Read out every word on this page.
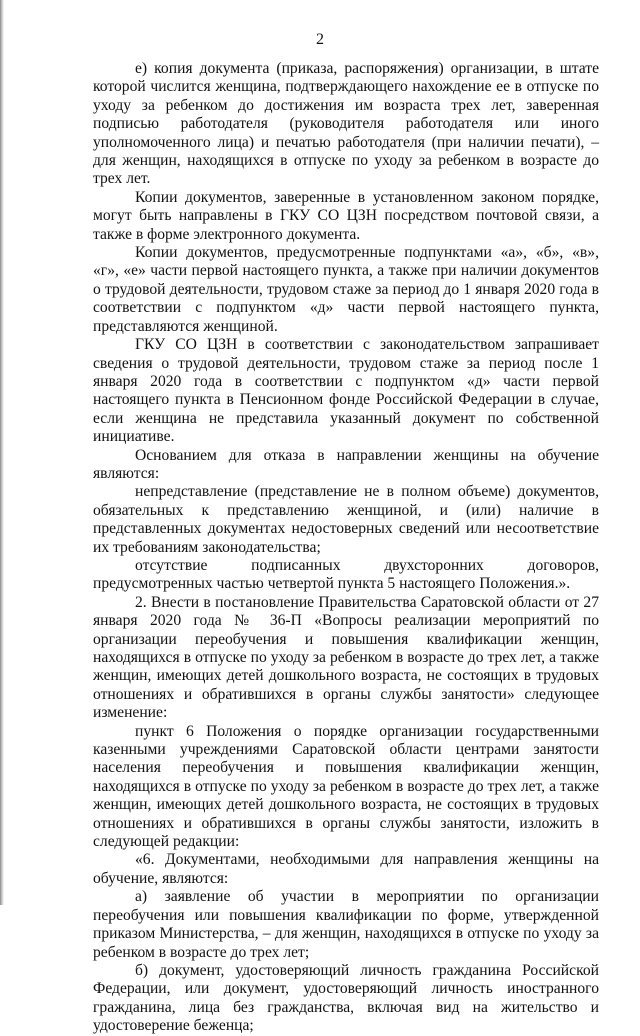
2

е) копия документа (приказа, распоряжения) организации, в штате которой числится женщина, подтверждающего нахождение ее в отпуске по уходу за ребенком до достижения им возраста трех лет, заверенная подписью работодателя (руководителя работодателя или иного уполномоченного лица) и печатью работодателя (при наличии печати), – для женщин, находящихся в отпуске по уходу за ребенком в возрасте до трех лет.

Копии документов, заверенные в установленном законом порядке, могут быть направлены в ГКУ СО ЦЗН посредством почтовой связи, а также в форме электронного документа.

Копии документов, предусмотренные подпунктами «а», «б», «в», «г», «е» части первой настоящего пункта, а также при наличии документов о трудовой деятельности, трудовом стаже за период до 1 января 2020 года в соответствии с подпунктом «д» части первой настоящего пункта, представляются женщиной.

ГКУ СО ЦЗН в соответствии с законодательством запрашивает сведения о трудовой деятельности, трудовом стаже за период после 1 января 2020 года в соответствии с подпунктом «д» части первой настоящего пункта в Пенсионном фонде Российской Федерации в случае, если женщина не представила указанный документ по собственной инициативе.

Основанием для отказа в направлении женщины на обучение являются:

непредставление (представление не в полном объеме) документов, обязательных к представлению женщиной, и (или) наличие в представленных документах недостоверных сведений или несоответствие их требованиям законодательства;

отсутствие подписанных двухсторонних договоров, предусмотренных частью четвертой пункта 5 настоящего Положения.».

2. Внести в постановление Правительства Саратовской области от 27 января 2020 года № 36-П «Вопросы реализации мероприятий по организации переобучения и повышения квалификации женщин, находящихся в отпуске по уходу за ребенком в возрасте до трех лет, а также женщин, имеющих детей дошкольного возраста, не состоящих в трудовых отношениях и обратившихся в органы службы занятости» следующее изменение:

пункт 6 Положения о порядке организации государственными казенными учреждениями Саратовской области центрами занятости населения переобучения и повышения квалификации женщин, находящихся в отпуске по уходу за ребенком в возрасте до трех лет, а также женщин, имеющих детей дошкольного возраста, не состоящих в трудовых отношениях и обратившихся в органы службы занятости, изложить в следующей редакции:

«6. Документами, необходимыми для направления женщины на обучение, являются:

а) заявление об участии в мероприятии по организации переобучения или повышения квалификации по форме, утвержденной приказом Министерства, – для женщин, находящихся в отпуске по уходу за ребенком в возрасте до трех лет;

б) документ, удостоверяющий личность гражданина Российской Федерации, или документ, удостоверяющий личность иностранного гражданина, лица без гражданства, включая вид на жительство и удостоверение беженца;
